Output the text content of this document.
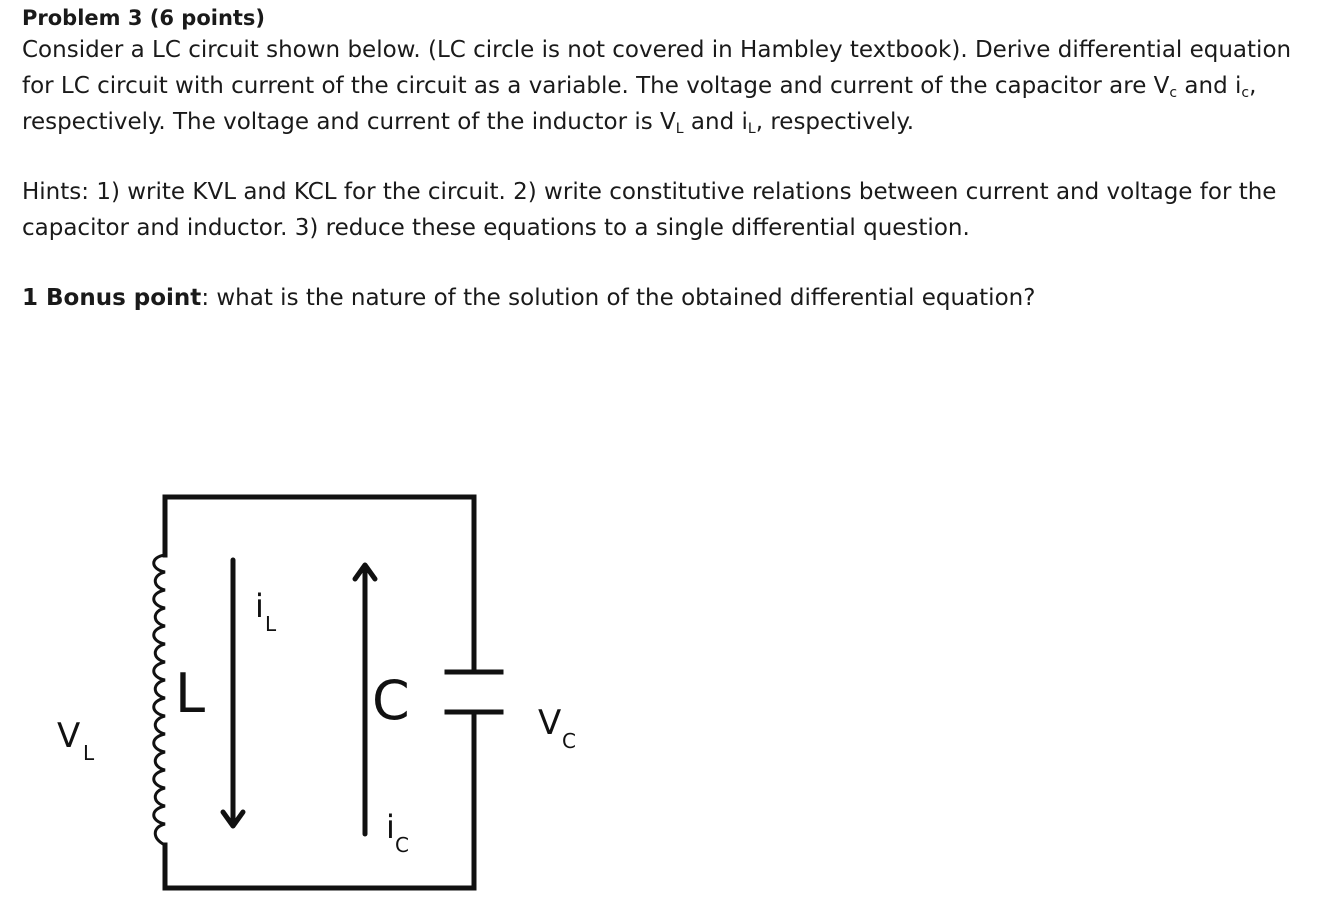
Problem 3 (6 points)

Consider a LC circuit shown below. (LC circle is not covered in Hambley textbook). Derive differential equation for LC circuit with current of the circuit as a variable. The voltage and current of the capacitor are $V_c$ and $i_c$, respectively. The voltage and current of the inductor is $V_L$ and $i_L$, respectively.

Hints: 1) write KVL and KCL for the circuit. 2) write constitutive relations between current and voltage for the capacitor and inductor. 3) reduce these equations to a single differential question.

1 Bonus point: what is the nature of the solution of the obtained differential equation?

L	C
V L
V C
i L
i C
